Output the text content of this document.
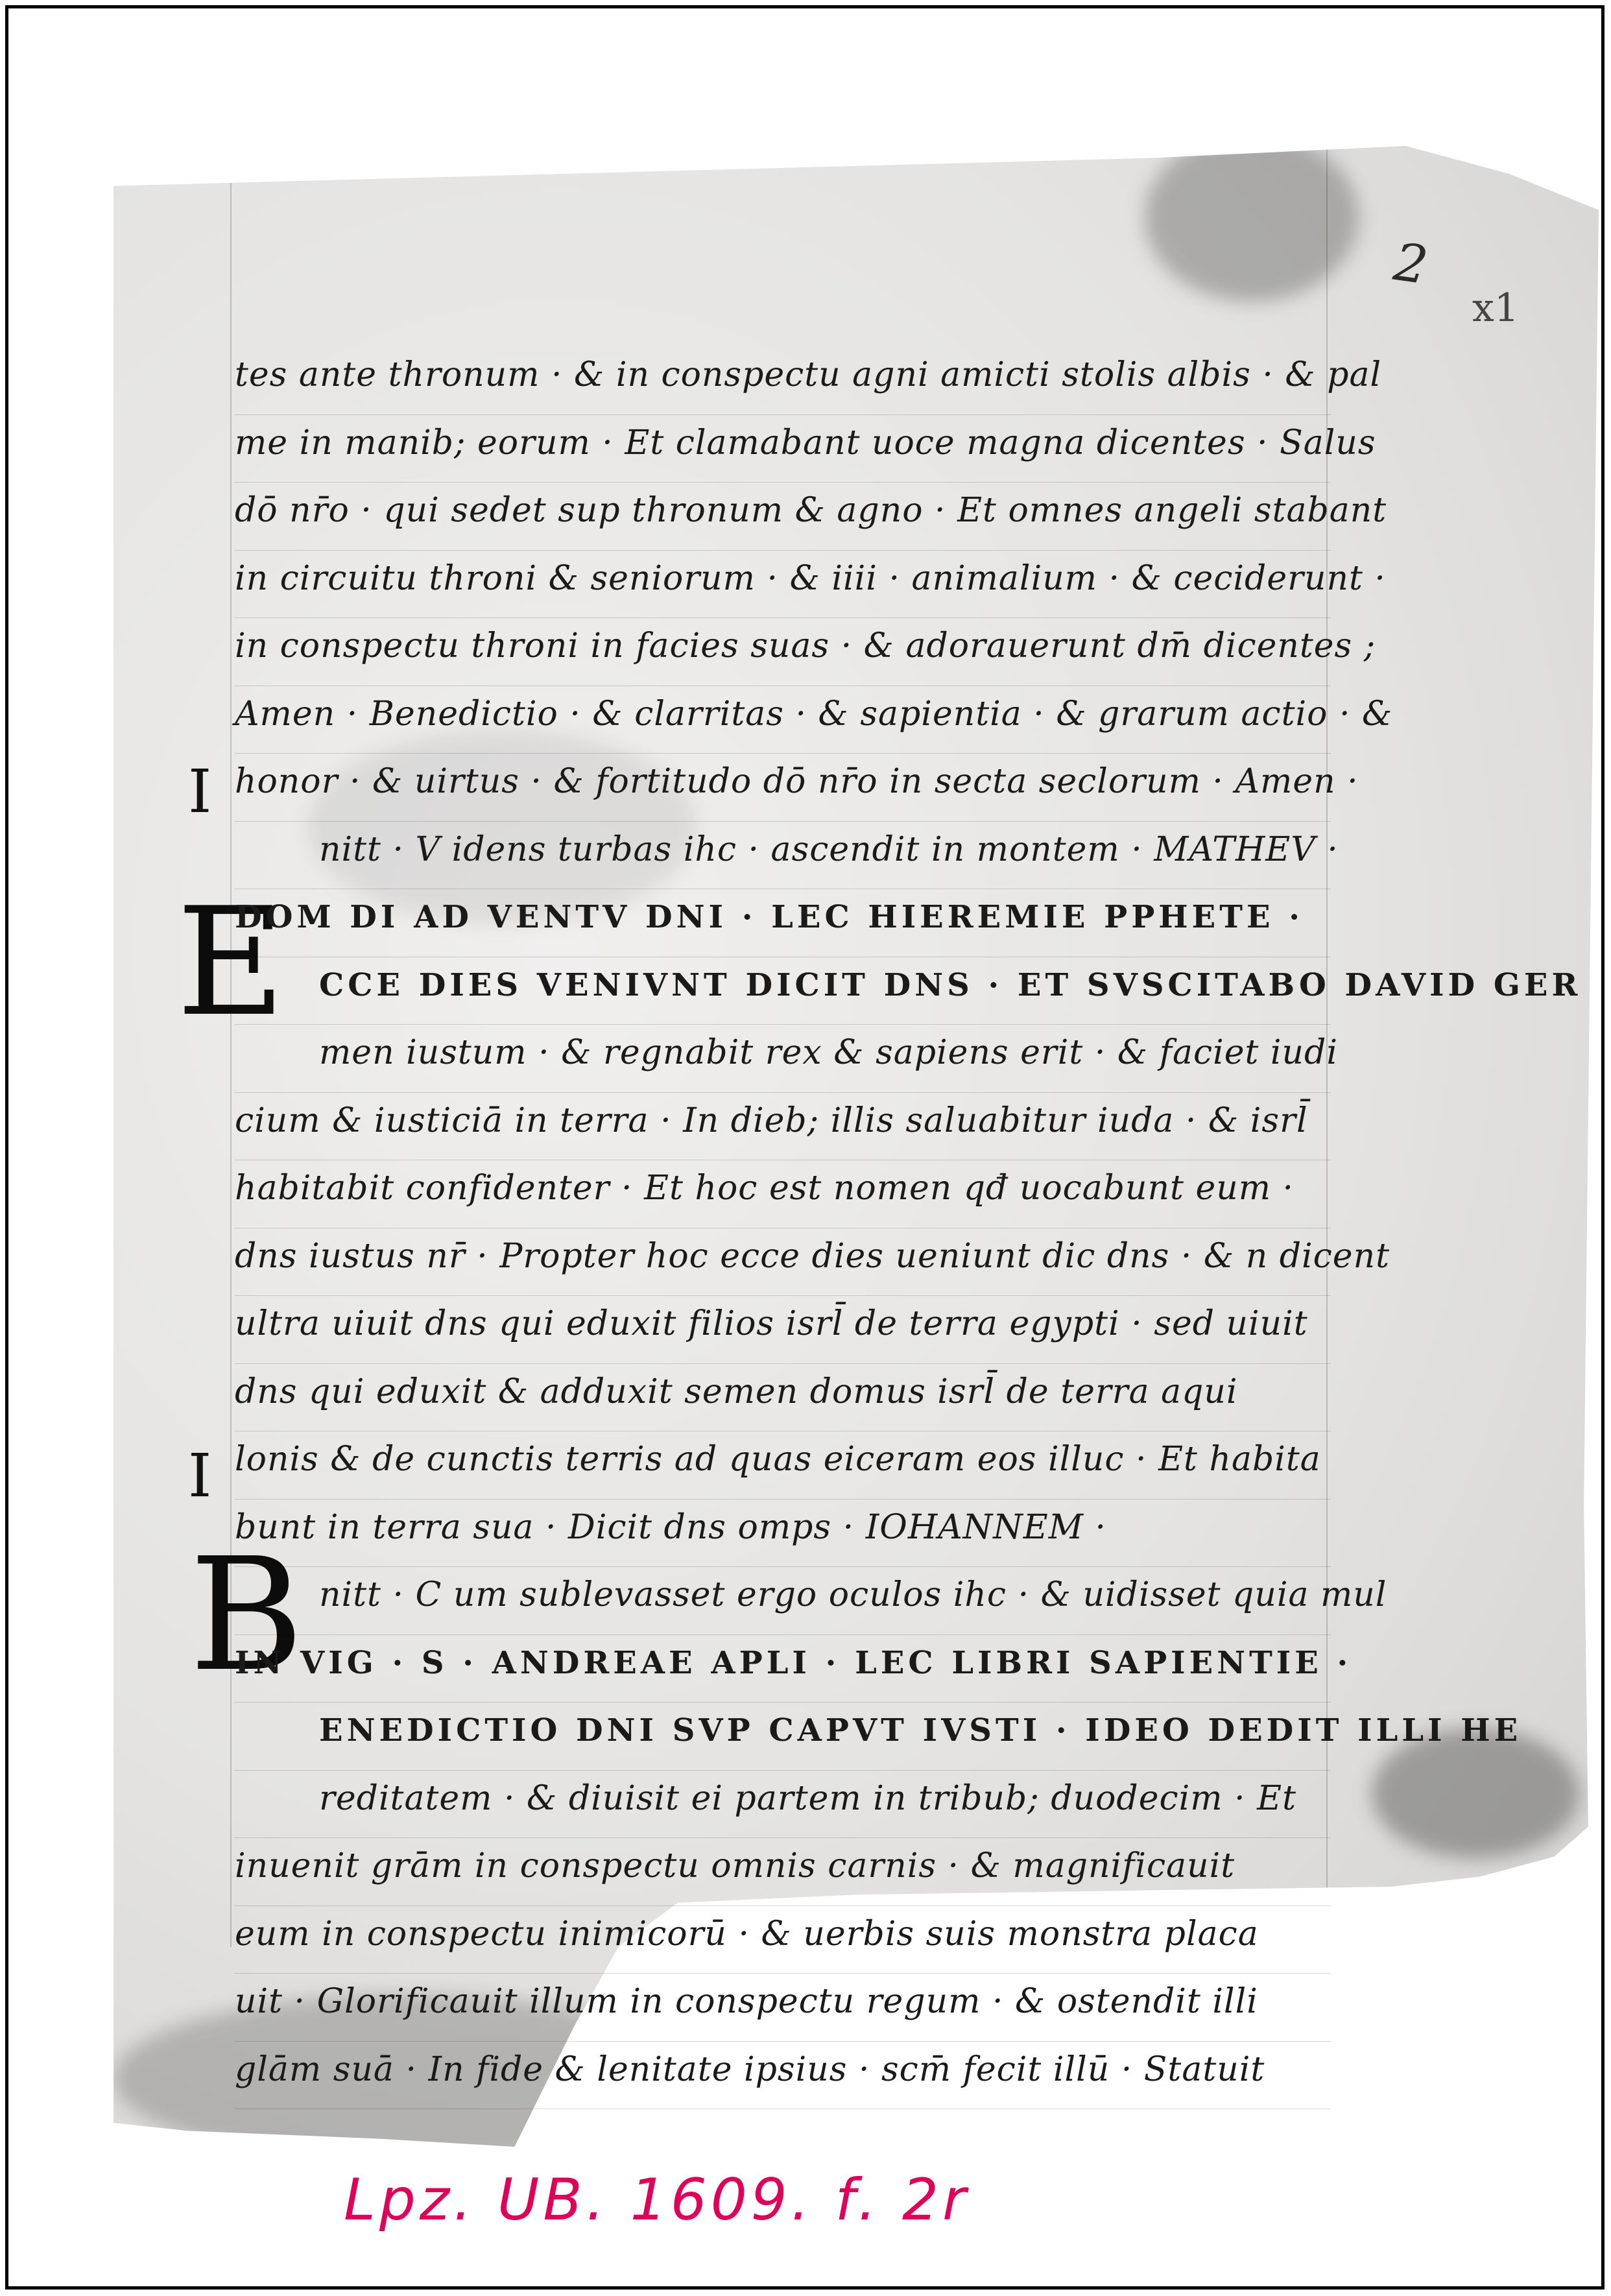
2
x1
I
I
E
B
tes ante thronum · & in conspectu agni amicti stolis albis · & pal
me in manib; eorum · Et clamabant uoce magna dicentes · Salus
dō nr̄o · qui sedet sup thronum & agno · Et omnes angeli stabant
in circuitu throni & seniorum · & iiii · animalium · & ceciderunt ·
in conspectu throni in facies suas · & adorauerunt dm̄ dicentes ;
Amen · Benedictio · & clarritas · & sapientia · & grarum actio · &
honor · & uirtus · & fortitudo dō nr̄o in secta seclorum · Amen ·
nitt · V idens turbas ihc · ascendit in montem · MATHEV ·
DOM DI AD VENTV DNI · LEC HIEREMIE PPHETE ·
CCE DIES VENIVNT DICIT DNS · ET SVSCITABO DAVID GER
men iustum · & regnabit rex & sapiens erit · & faciet iudi
cium & iusticiā in terra · In dieb; illis saluabitur iuda · & isrl̄
habitabit confidenter · Et hoc est nomen qđ uocabunt eum ·
dns iustus nr̄ · Propter hoc ecce dies ueniunt dic dns · & n dicent
ultra uiuit dns qui eduxit filios isrl̄ de terra egypti · sed uiuit
dns qui eduxit & adduxit semen domus isrl̄ de terra aqui
lonis & de cunctis terris ad quas eiceram eos illuc · Et habita
bunt in terra sua · Dicit dns omps · IOHANNEM ·
nitt · C um sublevasset ergo oculos ihc · & uidisset quia mul
IN VIG · S · ANDREAE APLI · LEC LIBRI SAPIENTIE ·
ENEDICTIO DNI SVP CAPVT IVSTI · IDEO DEDIT ILLI HE
reditatem · & diuisit ei partem in tribub; duodecim · Et
inuenit grām in conspectu omnis carnis · & magnificauit
eum in conspectu inimicorū · & uerbis suis monstra placa
uit · Glorificauit illum in conspectu regum · & ostendit illi
glām suā · In fide & lenitate ipsius · scm̄ fecit illū · Statuit
Lpz. UB. 1609. f. 2r
